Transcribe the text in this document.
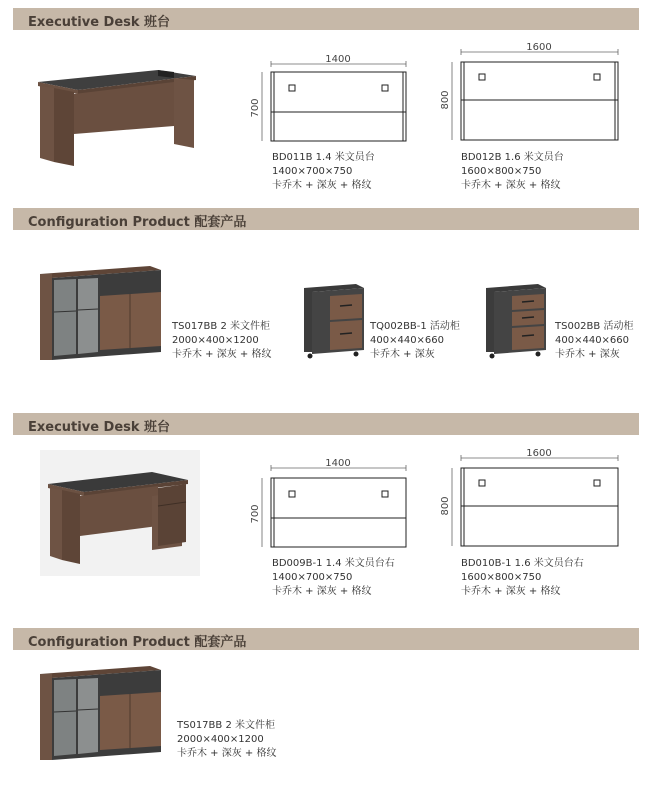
Executive Desk 班台
1400
700
BD011B 1.4 米文员台
1400×700×750
卡乔木 + 深灰 + 格纹
1600
800
BD012B 1.6 米文员台
1600×800×750
卡乔木 + 深灰 + 格纹
Configuration Product 配套产品
TS017BB 2 米文件柜
2000×400×1200
卡乔木 + 深灰 + 格纹
TQ002BB-1 活动柜
400×440×660
卡乔木 + 深灰
TS002BB 活动柜
400×440×660
卡乔木 + 深灰
Executive Desk 班台
1400
700
BD009B-1 1.4 米文员台右
1400×700×750
卡乔木 + 深灰 + 格纹
1600
800
BD010B-1 1.6 米文员台右
1600×800×750
卡乔木 + 深灰 + 格纹
Configuration Product 配套产品
TS017BB 2 米文件柜
2000×400×1200
卡乔木 + 深灰 + 格纹
